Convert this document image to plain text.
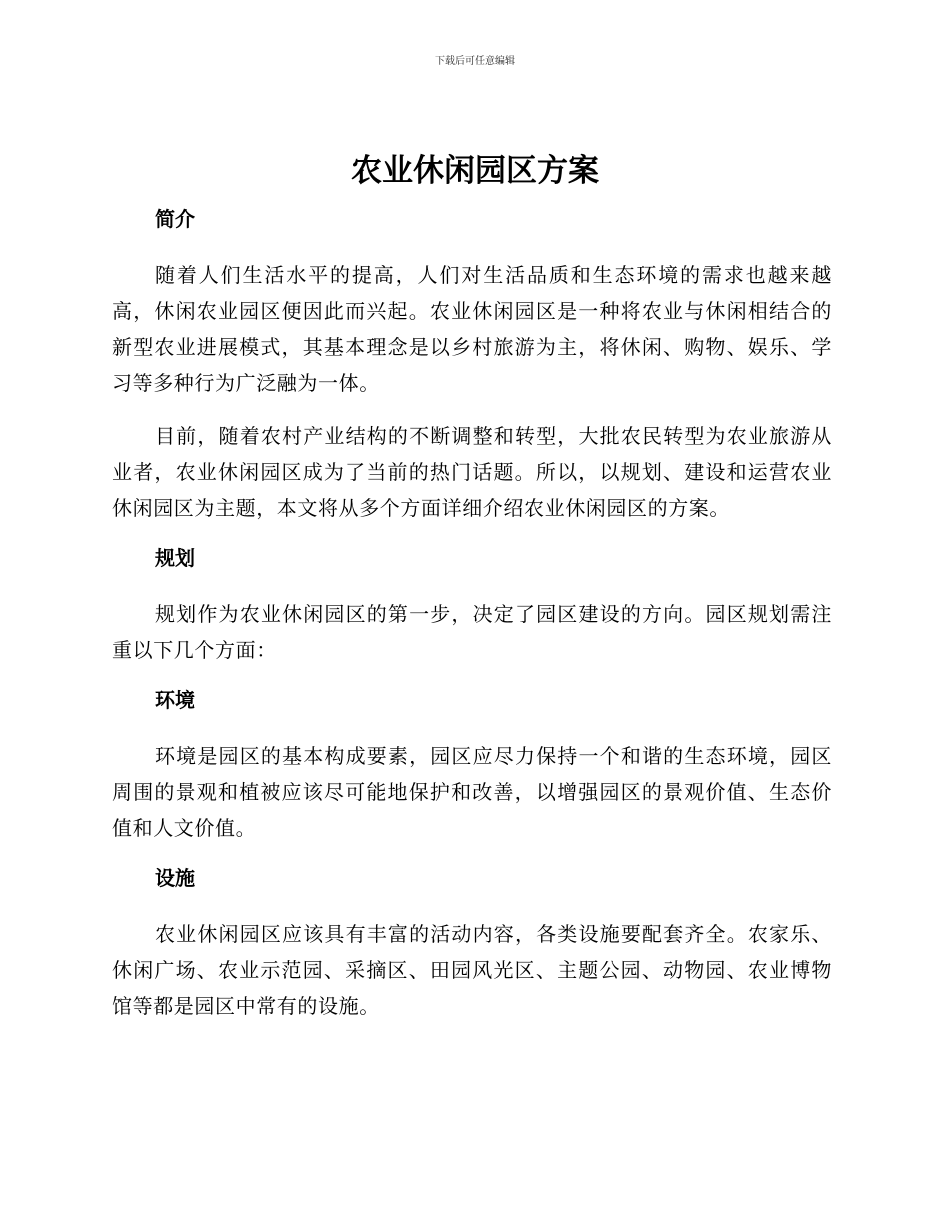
下载后可任意编辑
农业休闲园区方案
简介

随着人们生活水平的提高，人们对生活品质和生态环境的需求也越来越高，休闲农业园区便因此而兴起。农业休闲园区是一种将农业与休闲相结合的新型农业进展模式，其基本理念是以乡村旅游为主，将休闲、购物、娱乐、学习等多种行为广泛融为一体。

目前，随着农村产业结构的不断调整和转型，大批农民转型为农业旅游从业者，农业休闲园区成为了当前的热门话题。所以，以规划、建设和运营农业休闲园区为主题，本文将从多个方面详细介绍农业休闲园区的方案。

规划

规划作为农业休闲园区的第一步，决定了园区建设的方向。园区规划需注重以下几个方面：

环境

环境是园区的基本构成要素，园区应尽力保持一个和谐的生态环境，园区周围的景观和植被应该尽可能地保护和改善，以增强园区的景观价值、生态价值和人文价值。

设施

农业休闲园区应该具有丰富的活动内容，各类设施要配套齐全。农家乐、休闲广场、农业示范园、采摘区、田园风光区、主题公园、动物园、农业博物馆等都是园区中常有的设施。
